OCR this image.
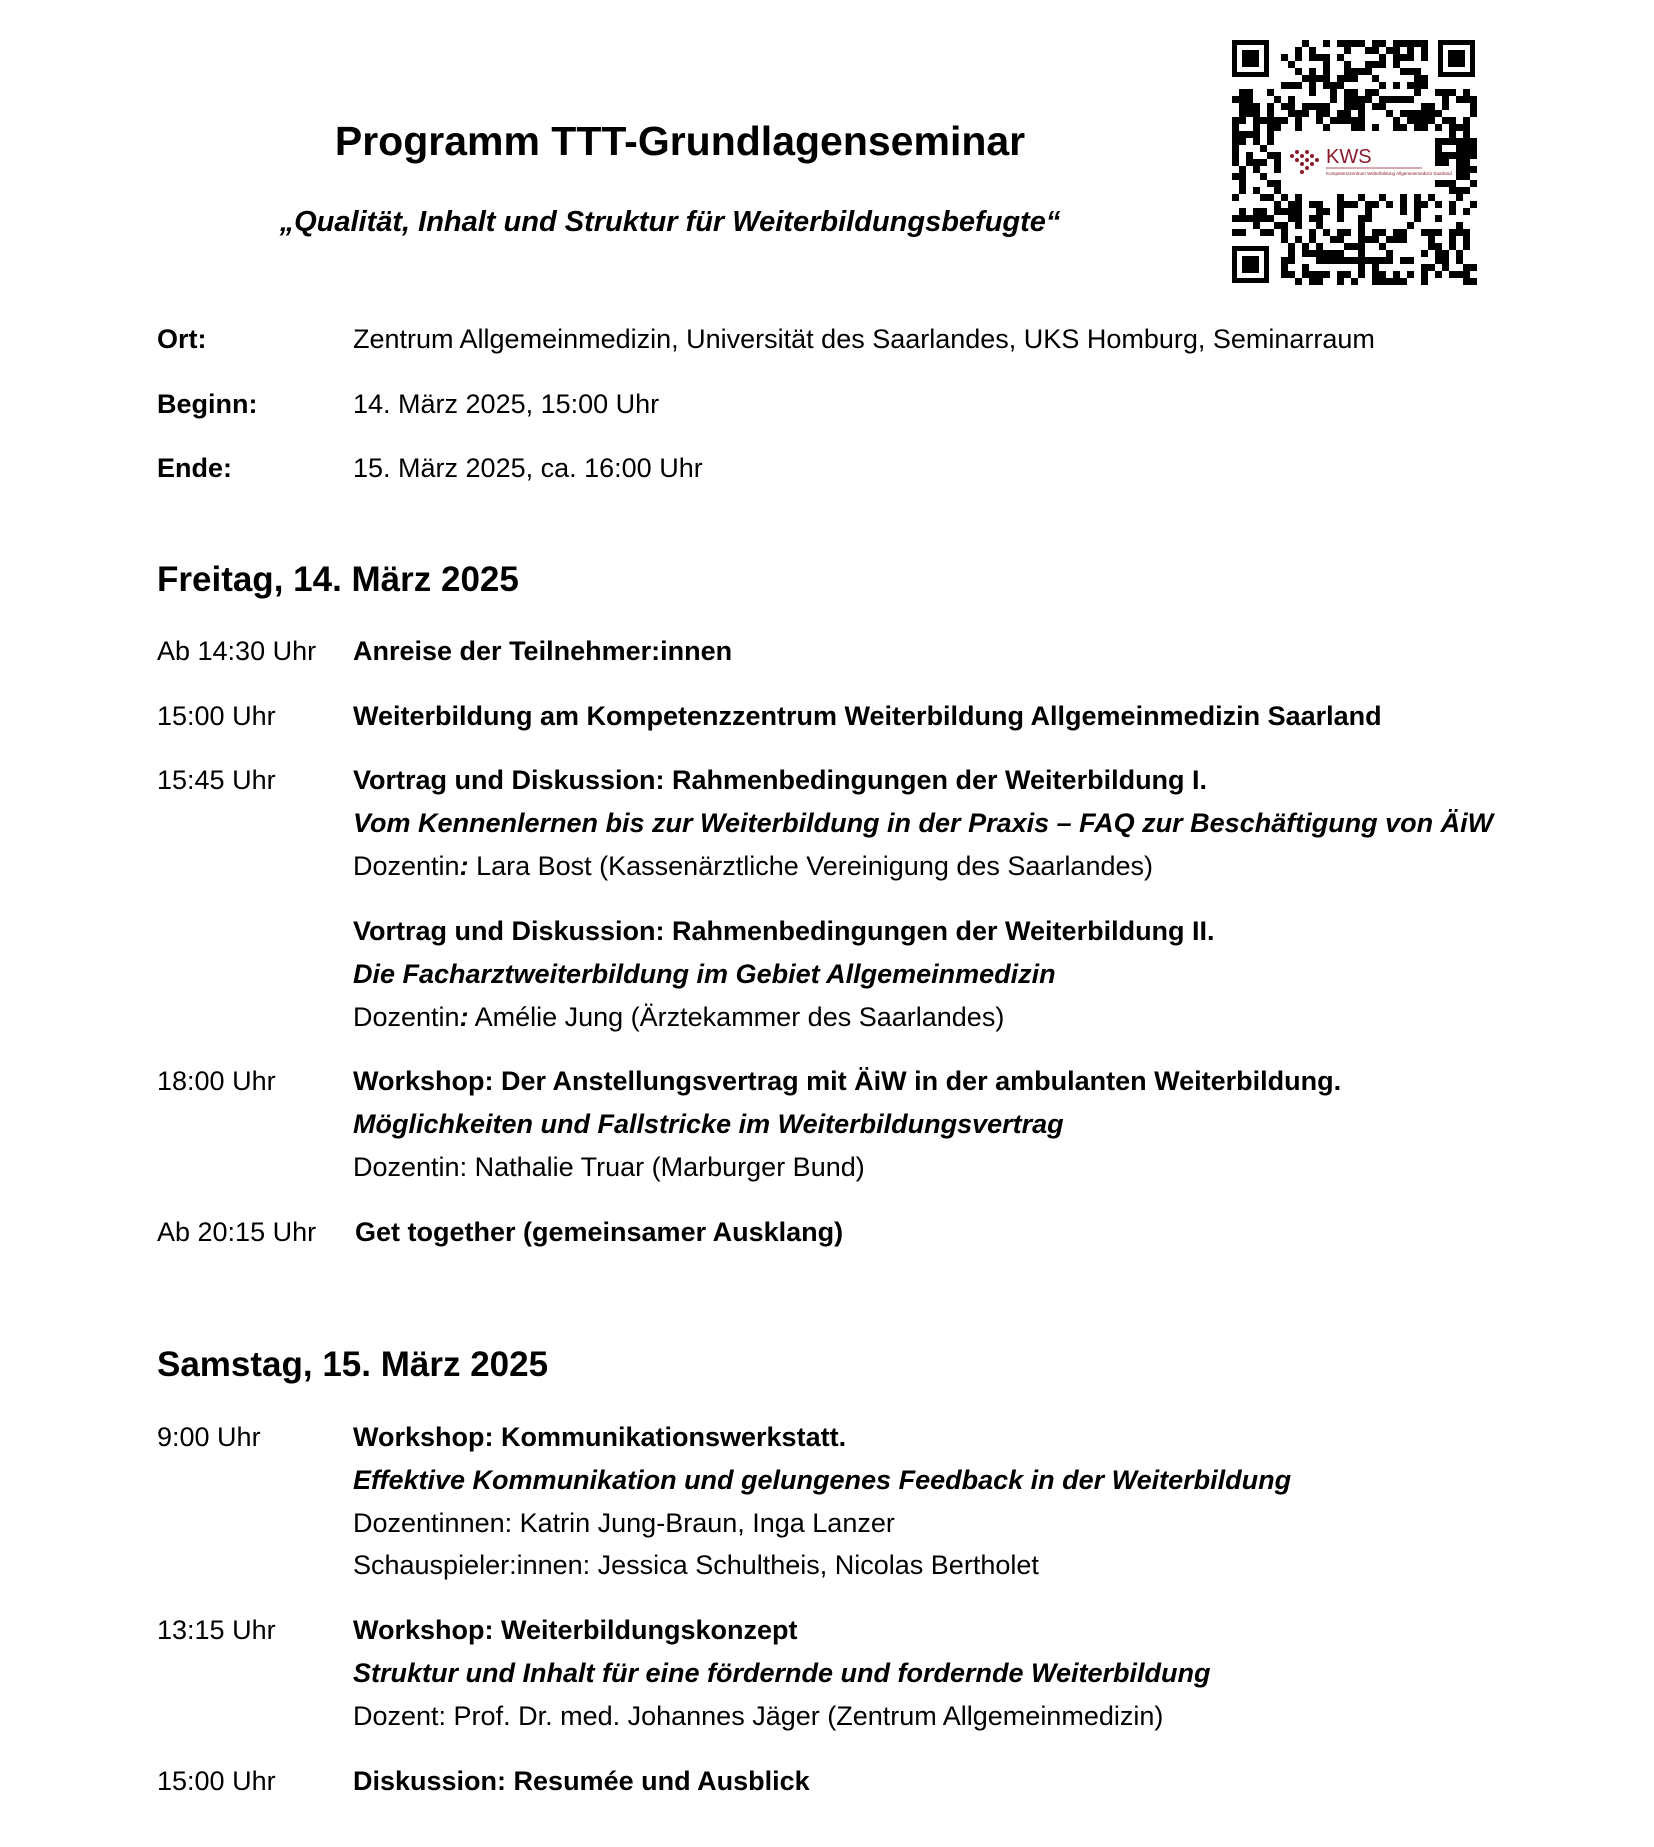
Programm TTT-Grundlagenseminar
„Qualität, Inhalt und Struktur für Weiterbildungsbefugte“
KWS
Kompetenzzentrum Weiterbildung Allgemeinmedizin Saarland
Ort:	Zentrum Allgemeinmedizin, Universität des Saarlandes, UKS Homburg, Seminarraum
Beginn:	14. März 2025, 15:00 Uhr
Ende:	15. März 2025, ca. 16:00 Uhr
Freitag, 14. März 2025
Ab 14:30 Uhr Anreise der Teilnehmer:innen
15:00 Uhr	Weiterbildung am Kompetenzzentrum Weiterbildung Allgemeinmedizin Saarland
15:45 Uhr	Vortrag und Diskussion: Rahmenbedingungen der Weiterbildung I.
Vom Kennenlernen bis zur Weiterbildung in der Praxis – FAQ zur Beschäftigung von ÄiW
Dozentin: Lara Bost (Kassenärztliche Vereinigung des Saarlandes)
Vortrag und Diskussion: Rahmenbedingungen der Weiterbildung II.
Die Facharztweiterbildung im Gebiet Allgemeinmedizin
Dozentin: Amélie Jung (Ärztekammer des Saarlandes)
18:00 Uhr	Workshop: Der Anstellungsvertrag mit ÄiW in der ambulanten Weiterbildung.
Möglichkeiten und Fallstricke im Weiterbildungsvertrag
Dozentin: Nathalie Truar (Marburger Bund)
Ab 20:15 Uhr Get together (gemeinsamer Ausklang)
Samstag, 15. März 2025
9:00 Uhr	Workshop: Kommunikationswerkstatt.
Effektive Kommunikation und gelungenes Feedback in der Weiterbildung
Dozentinnen: Katrin Jung-Braun, Inga Lanzer
Schauspieler:innen: Jessica Schultheis, Nicolas Bertholet
13:15 Uhr	Workshop: Weiterbildungskonzept
Struktur und Inhalt für eine fördernde und fordernde Weiterbildung
Dozent: Prof. Dr. med. Johannes Jäger (Zentrum Allgemeinmedizin)
15:00 Uhr	Diskussion: Resumée und Ausblick
